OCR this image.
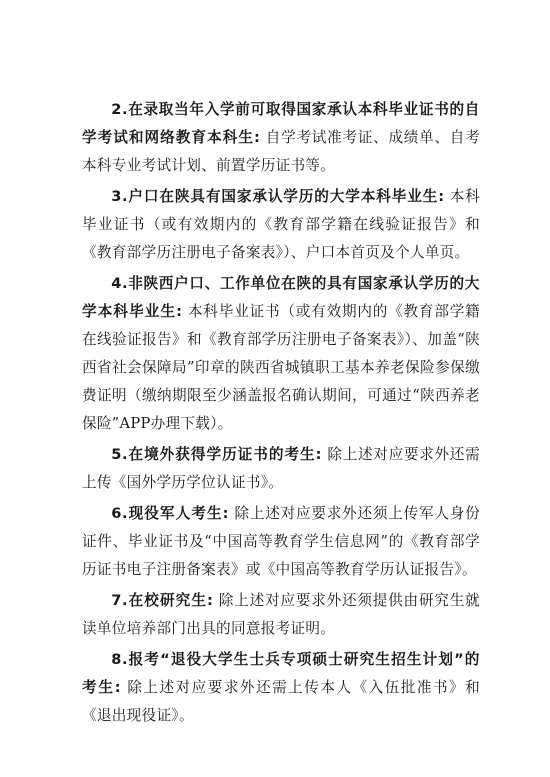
2.在录取当年入学前可取得国家承认本科毕业证书的自学考试和网络教育本科生: 自学考试准考证、成绩单、自考本科专业考试计划、前置学历证书等。

3.户口在陕具有国家承认学历的大学本科毕业生: 本科毕业证书（或有效期内的《教育部学籍在线验证报告》和《教育部学历注册电子备案表》）、户口本首页及个人单页。

4.非陕西户口、工作单位在陕的具有国家承认学历的大学本科毕业生: 本科毕业证书（或有效期内的《教育部学籍在线验证报告》和《教育部学历注册电子备案表》）、加盖“陕西省社会保障局”印章的陕西省城镇职工基本养老保险参保缴费证明（缴纳期限至少涵盖报名确认期间，可通过“陕西养老保险”APP办理下载）。

5.在境外获得学历证书的考生: 除上述对应要求外还需上传《国外学历学位认证书》。

6.现役军人考生: 除上述对应要求外还须上传军人身份证件、毕业证书及“中国高等教育学生信息网”的《教育部学历证书电子注册备案表》或《中国高等教育学历认证报告》。

7.在校研究生: 除上述对应要求外还须提供由研究生就读单位培养部门出具的同意报考证明。

8.报考“退役大学生士兵专项硕士研究生招生计划”的考生: 除上述对应要求外还需上传本人《入伍批准书》和《退出现役证》。
